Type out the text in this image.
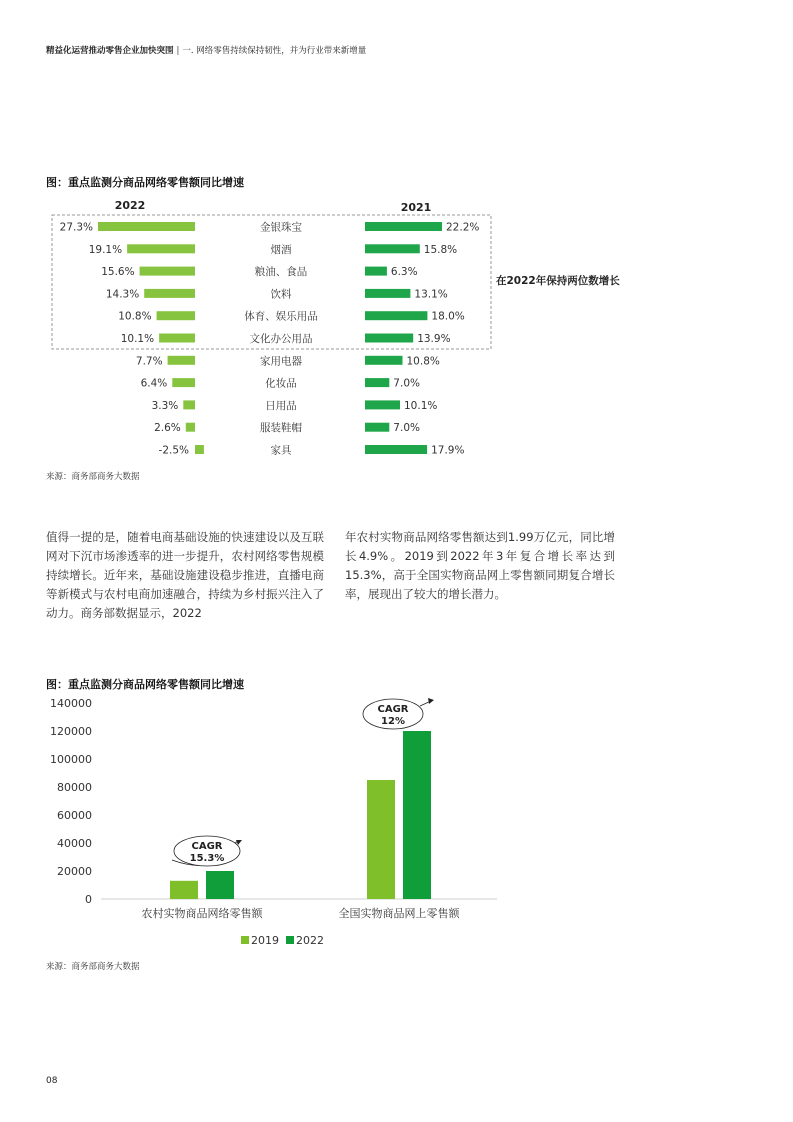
精益化运营推动零售企业加快突围 | 一. 网络零售持续保持韧性，并为行业带来新增量
图：重点监测分商品网络零售额同比增速
2022	2021
27.3%	金银珠宝	22.2%
19.1%	烟酒	15.8%
15.6%	粮油、食品	6.3%
14.3%	饮料	13.1%
10.8%	体育、娱乐用品	18.0%
10.1%	文化办公用品	13.9%
7.7%	家用电器	10.8%
6.4%	化妆品	7.0%
3.3%	日用品	10.1%
2.6%	服装鞋帽	7.0%
-2.5%	家具	17.9%
在2022年保持两位数增长
来源：商务部商务大数据
值得一提的是，随着电商基础设施的快速建设以及互联网对下沉市场渗透率的进一步提升，农村网络零售规模持续增长。近年来，基础设施建设稳步推进，直播电商等新模式与农村电商加速融合，持续为乡村振兴注入了动力。商务部数据显示，2022
年农村实物商品网络零售额达到1.99万亿元，同比增长4.9%。2019到2022年3年复合增长率达到15.3%，高于全国实物商品网上零售额同期复合增长率，展现出了较大的增长潜力。
图：重点监测分商品网络零售额同比增速
140000
120000
100000
80000
60000
40000
20000
0
农村实物商品网络零售额	全国实物商品网上零售额
CAGR
15.3%
CAGR
12%
2019 2022
来源：商务部商务大数据
08
